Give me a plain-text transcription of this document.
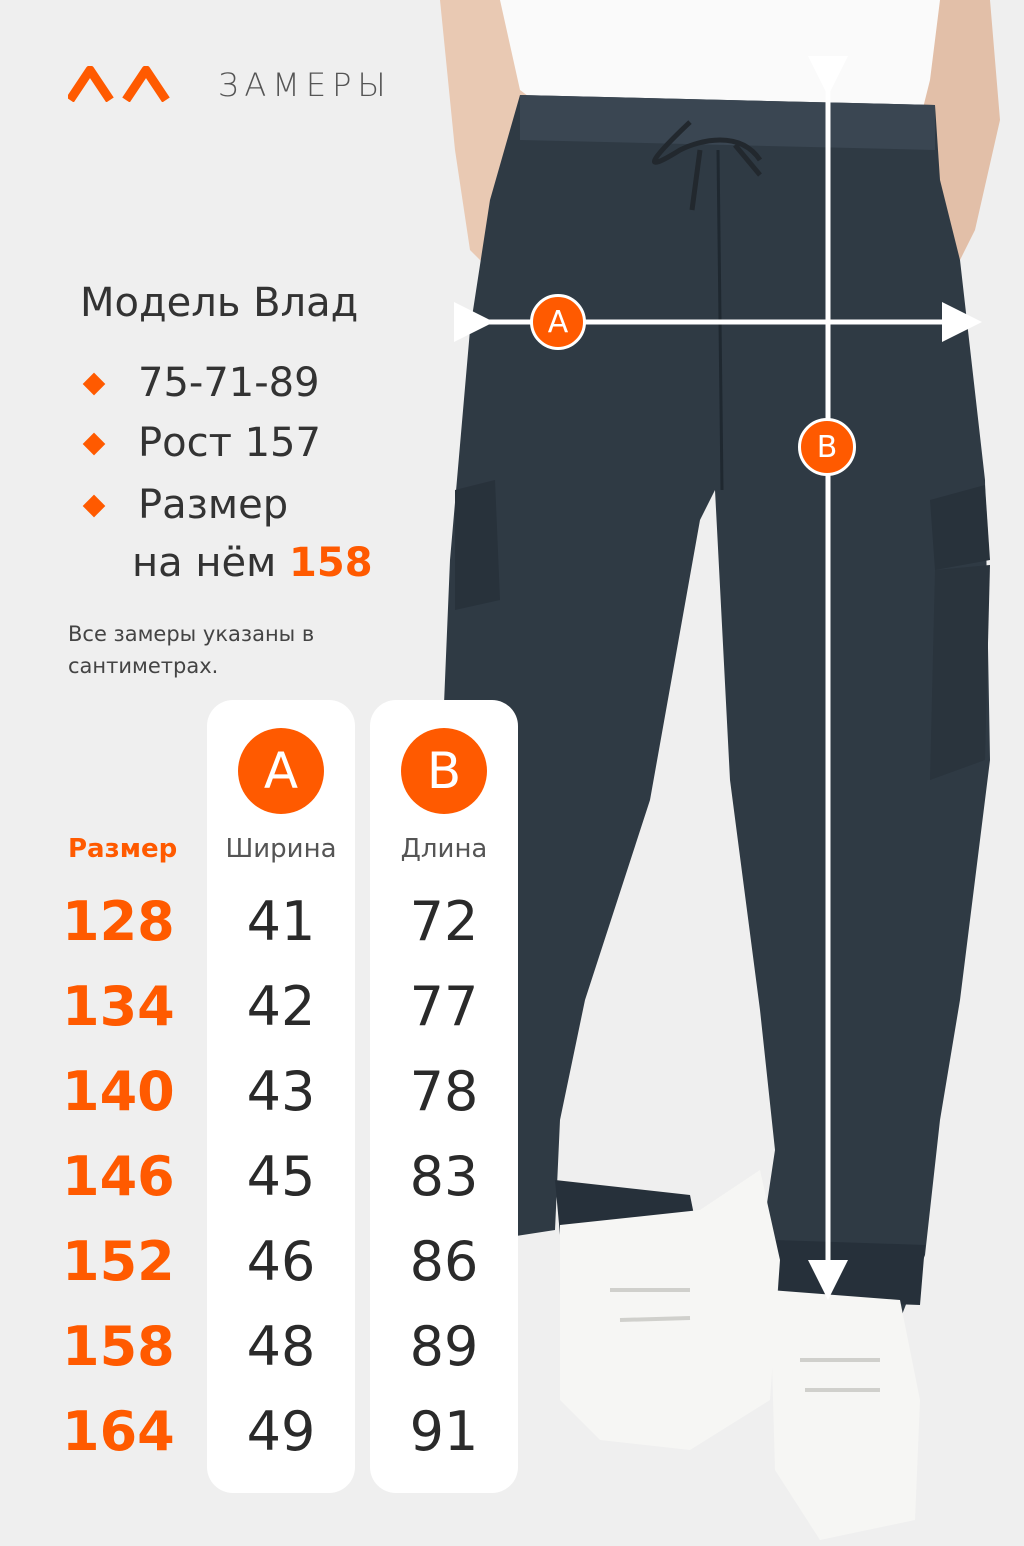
A
B
ЗАМЕРЫ
Модель Влад
75-71-89
Рост 157
Размер
на нём 158
Все замеры указаны в сантиметрах.
A	B
Размер	Ширина	Длина
128	41	72
134	42	77
140	43	78
146	45	83
152	46	86
158	48	89
164	49	91
